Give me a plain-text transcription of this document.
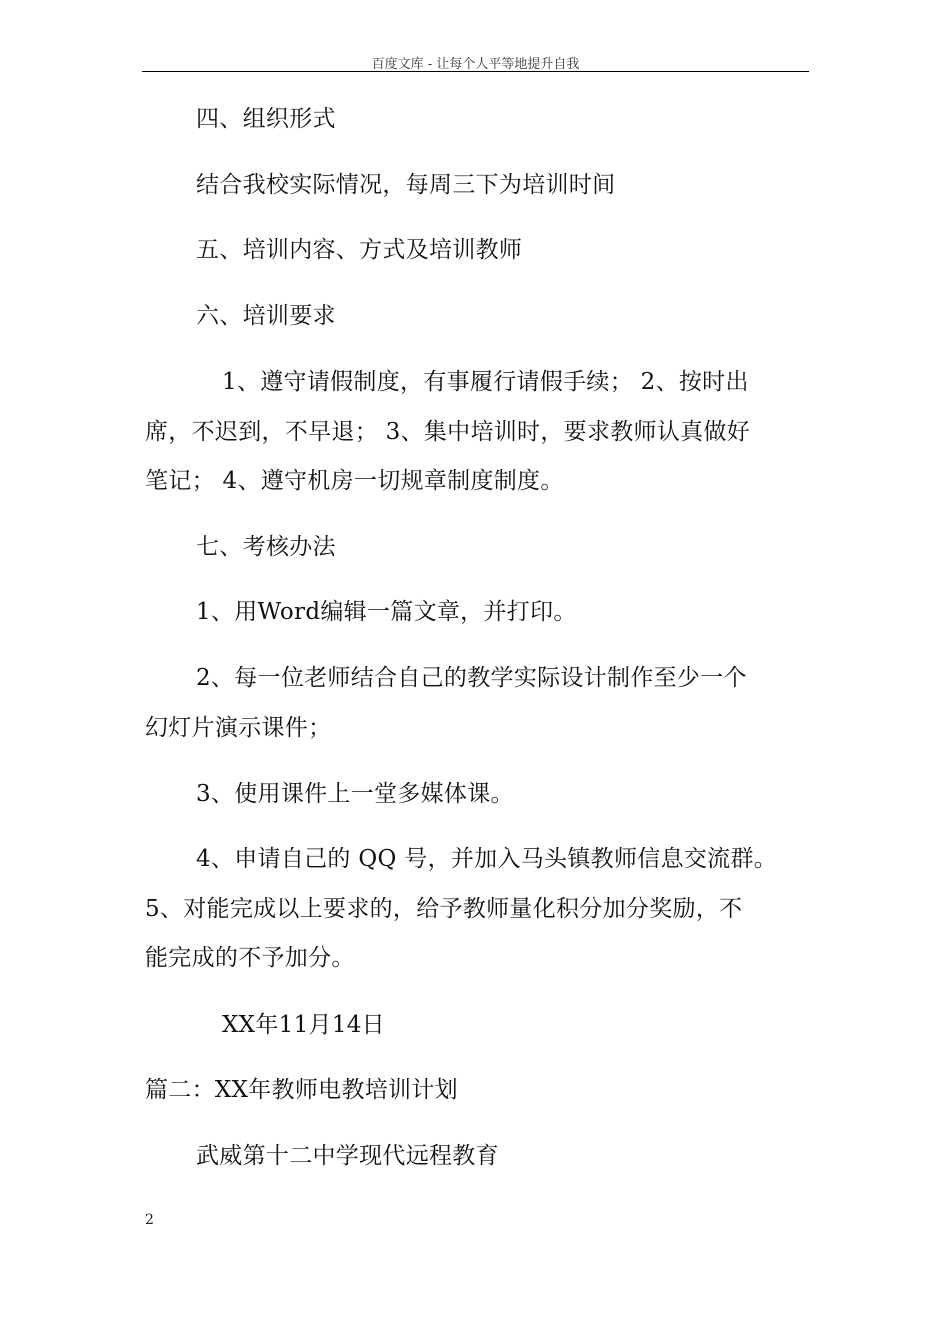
百度文库 - 让每个人平等地提升自我
四、组织形式
结合我校实际情况，每周三下为培训时间
五、培训内容、方式及培训教师
六、培训要求
1、遵守请假制度，有事履行请假手续； 2、按时出
席，不迟到，不早退； 3、集中培训时，要求教师认真做好
笔记； 4、遵守机房一切规章制度制度。
七、考核办法
1、用Word编辑一篇文章，并打印。
2、每一位老师结合自己的教学实际设计制作至少一个
幻灯片演示课件；
3、使用课件上一堂多媒体课。
4、申请自己的 QQ 号，并加入马头镇教师信息交流群。
5、对能完成以上要求的，给予教师量化积分加分奖励，不
能完成的不予加分。
XX年11月14日
篇二：XX年教师电教培训计划
武威第十二中学现代远程教育
2
